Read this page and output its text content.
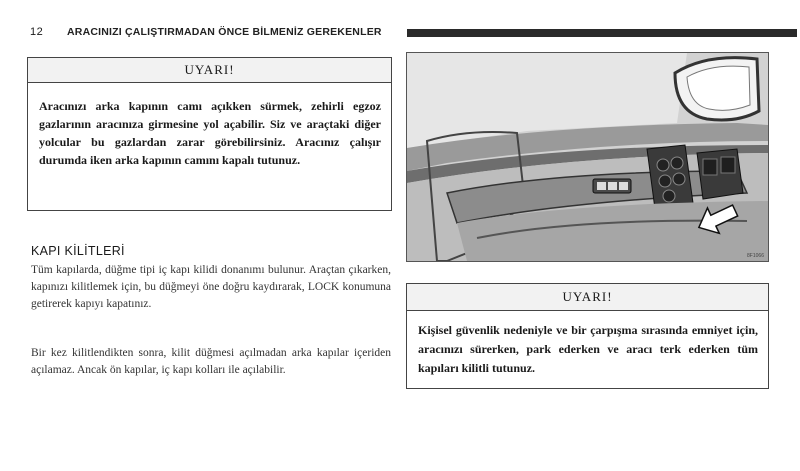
12 ARACINIZI ÇALIŞTIRMADAN ÖNCE BİLMENİZ GEREKENLER
UYARI!
Aracınızı arka kapının camı açıkken sürmek, zehirli egzoz gazlarının aracınıza girmesine yol açabilir. Siz ve araçtaki diğer yolcular bu gazlardan zarar görebilirsiniz. Aracınız çalışır durumda iken arka kapının camını kapalı tutunuz.
KAPI KİLİTLERİ
Tüm kapılarda, düğme tipi iç kapı kilidi donanımı bulunur. Araçtan çıkarken, kapınızı kilitlemek için, bu düğmeyi öne doğru kaydırarak, LOCK konumuna getirerek kapıyı kapatınız.
Bir kez kilitlendikten sonra, kilit düğmesi açılmadan arka kapılar içeriden açılamaz. Ancak ön kapılar, iç kapı kolları ile açılabilir.
8F1066
UYARI!
Kişisel güvenlik nedeniyle ve bir çarpışma sırasında emniyet için, aracınızı sürerken, park ederken ve aracı terk ederken tüm kapıları kilitli tutunuz.
